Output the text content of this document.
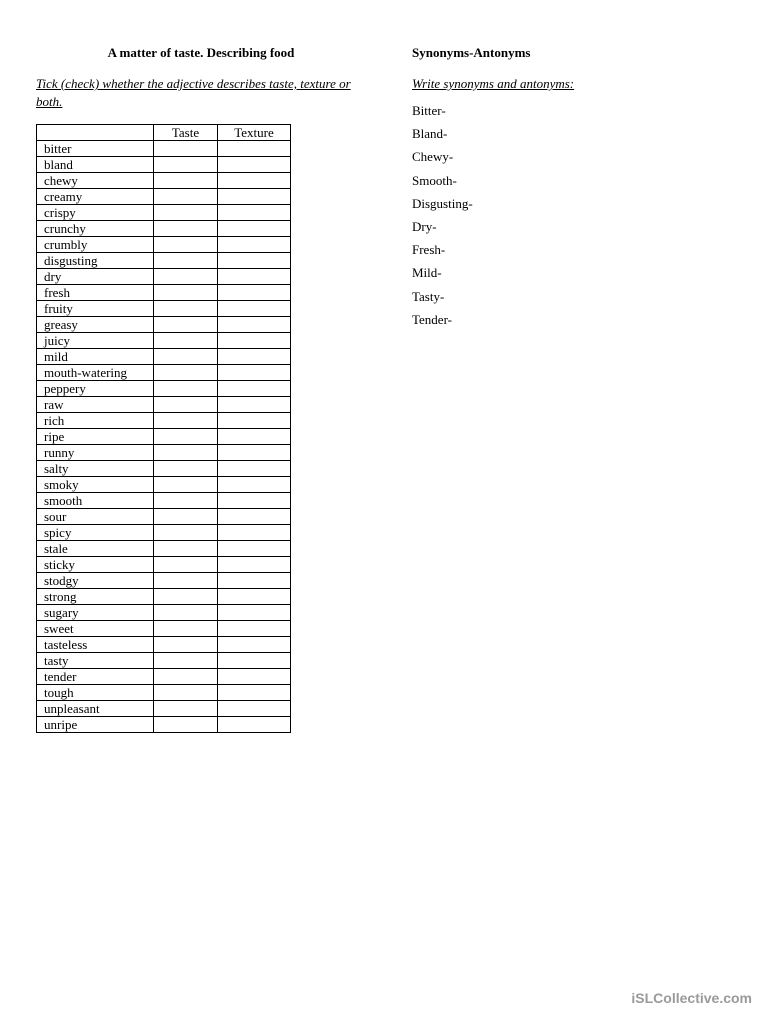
A matter of taste. Describing food

Tick (check) whether the adjective describes taste, texture or both.

	Taste	Texture
bitter		
bland		
chewy		
creamy		
crispy		
crunchy		
crumbly		
disgusting		
dry		
fresh		
fruity		
greasy		
juicy		
mild		
mouth-watering		
peppery		
raw		
rich		
ripe		
runny		
salty		
smoky		
smooth		
sour		
spicy		
stale		
sticky		
stodgy		
strong		
sugary		
sweet		
tasteless		
tasty		
tender		
tough		
unpleasant		
unripe		
Synonyms-Antonyms

Write synonyms and antonyms:

Bitter-
Bland-
Chewy-
Smooth-
Disgusting-
Dry-
Fresh-
Mild-
Tasty-
Tender-
iSLCollective.com
